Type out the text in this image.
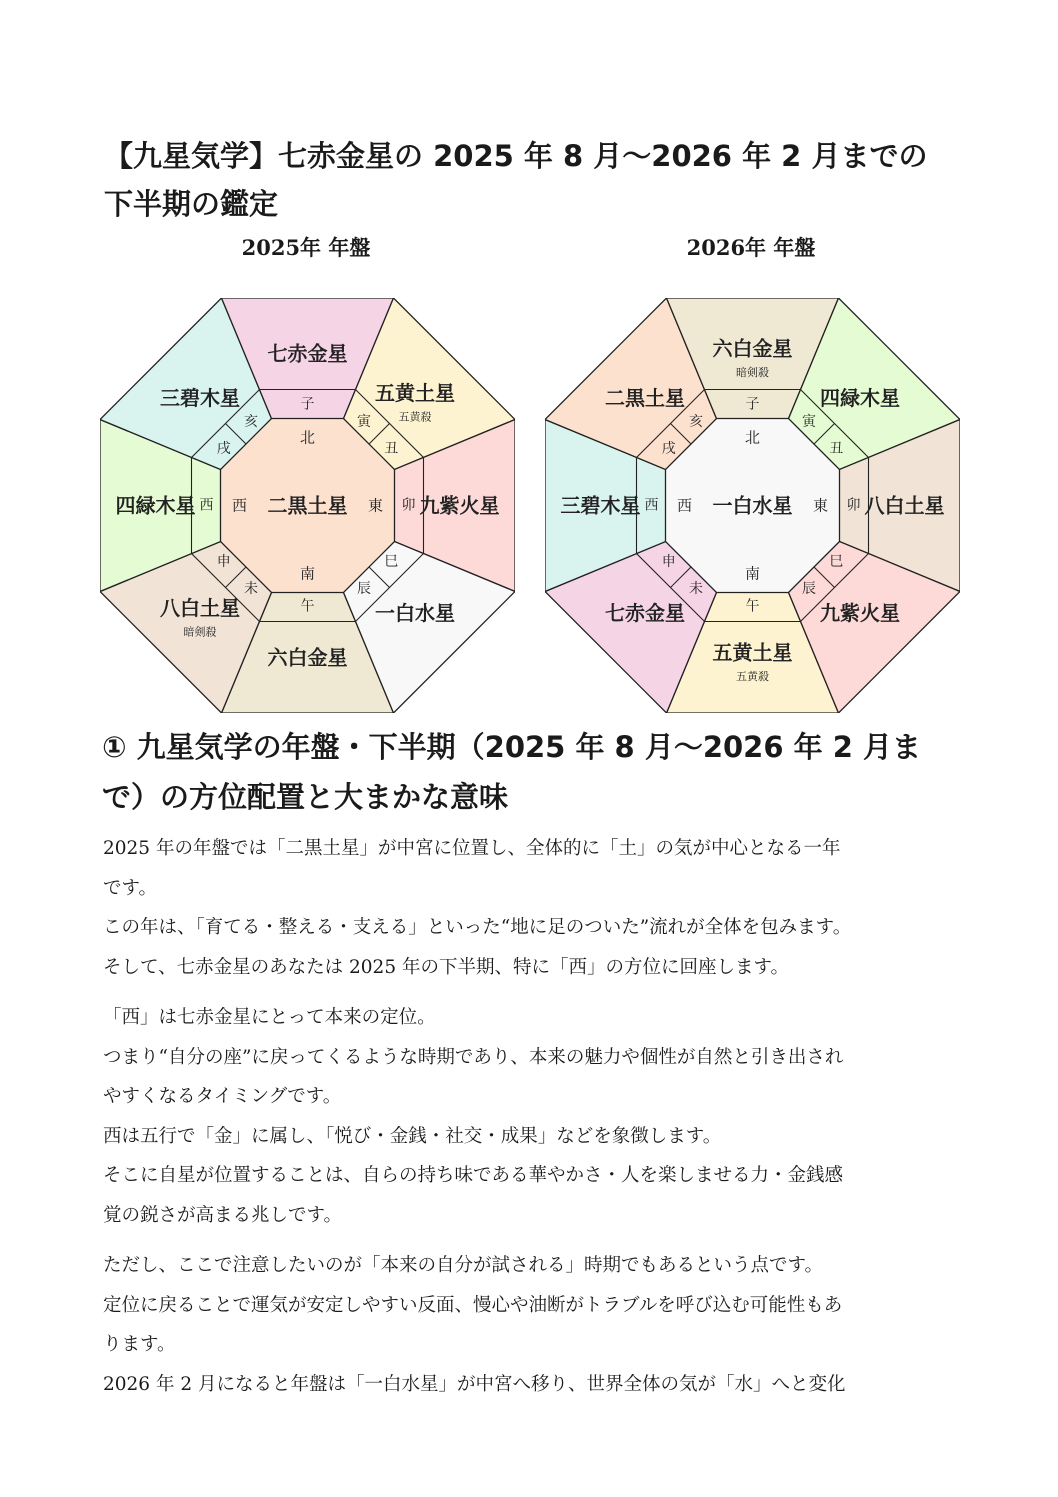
【九星気学】七赤金星の 2025 年 8 月〜2026 年 2 月までの
下半期の鑑定
2025年 年盤	2026年 年盤
六白金星
八白土星
暗剣殺
四緑木星
三碧木星
七赤金星
五黄土星
五黄殺
九紫火星
一白水星
午
未
申
西
戌
亥
子
丑
寅
卯
辰
巳
二黒土星
南
西
北
東
五黄土星
五黄殺
七赤金星
三碧木星
二黒土星
六白金星
暗剣殺
四緑木星
八白土星
九紫火星
午
未
申
西
戌
亥
子
丑
寅
卯
辰
巳
一白水星
南
西
北
東
① 九星気学の年盤・下半期（2025 年 8 月〜2026 年 2 月ま
で）の方位配置と大まかな意味

2025 年の年盤では「二黒土星」が中宮に位置し、全体的に「土」の気が中心となる一年

です。

この年は、「育てる・整える・支える」といった“地に足のついた”流れが全体を包みます。

そして、七赤金星のあなたは 2025 年の下半期、特に「西」の方位に回座します。

「西」は七赤金星にとって本来の定位。

つまり“自分の座”に戻ってくるような時期であり、本来の魅力や個性が自然と引き出され

やすくなるタイミングです。

西は五行で「金」に属し、「悦び・金銭・社交・成果」などを象徴します。

そこに自星が位置することは、自らの持ち味である華やかさ・人を楽しませる力・金銭感

覚の鋭さが高まる兆しです。

ただし、ここで注意したいのが「本来の自分が試される」時期でもあるという点です。

定位に戻ることで運気が安定しやすい反面、慢心や油断がトラブルを呼び込む可能性もあ

ります。

2026 年 2 月になると年盤は「一白水星」が中宮へ移り、世界全体の気が「水」へと変化
